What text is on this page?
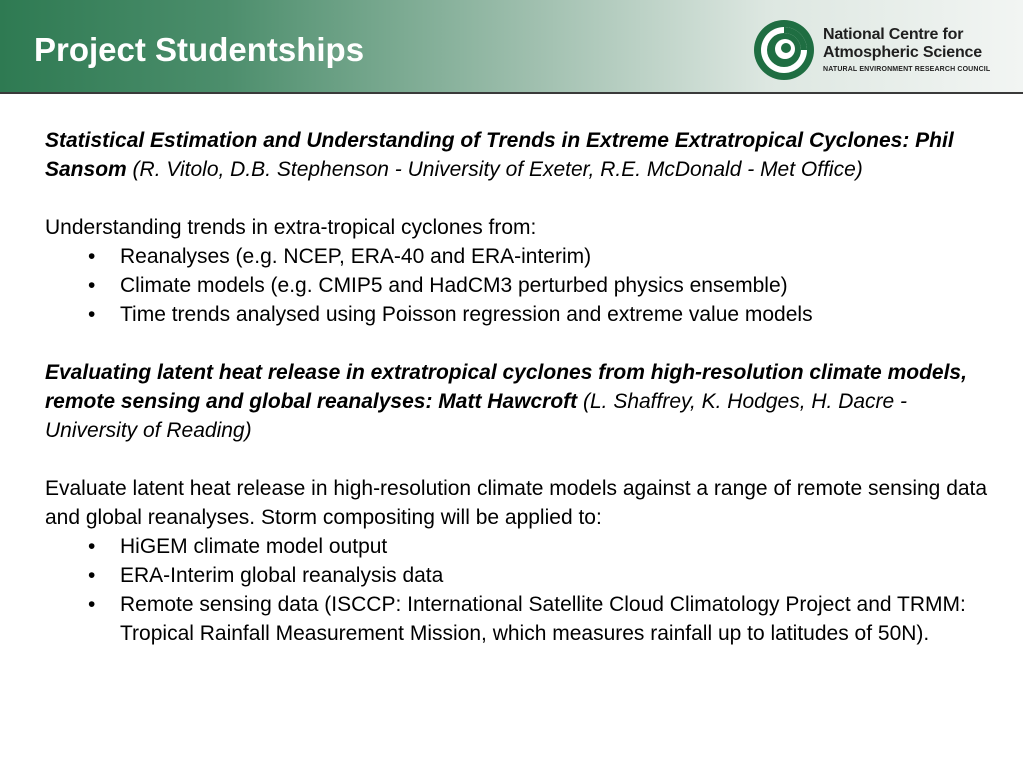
Project Studentships	National Centre for
Atmospheric Science
NATURAL ENVIRONMENT RESEARCH COUNCIL

Statistical Estimation and Understanding of Trends in Extreme Extratropical Cyclones: Phil Sansom (R. Vitolo, D.B. Stephenson - University of Exeter, R.E. McDonald - Met Office)

Understanding trends in extra-tropical cyclones from:

• Reanalyses (e.g. NCEP, ERA-40 and ERA-interim)
• Climate models (e.g. CMIP5 and HadCM3 perturbed physics ensemble)
• Time trends analysed using Poisson regression and extreme value models

Evaluating latent heat release in extratropical cyclones from high-resolution climate models, remote sensing and global reanalyses: Matt Hawcroft (L. Shaffrey, K. Hodges, H. Dacre - University of Reading)

Evaluate latent heat release in high-resolution climate models against a range of remote sensing data and global reanalyses. Storm compositing will be applied to:

• HiGEM climate model output
• ERA-Interim global reanalysis data
• Remote sensing data (ISCCP: International Satellite Cloud Climatology Project and TRMM: Tropical Rainfall Measurement Mission, which measures rainfall up to latitudes of 50N).
